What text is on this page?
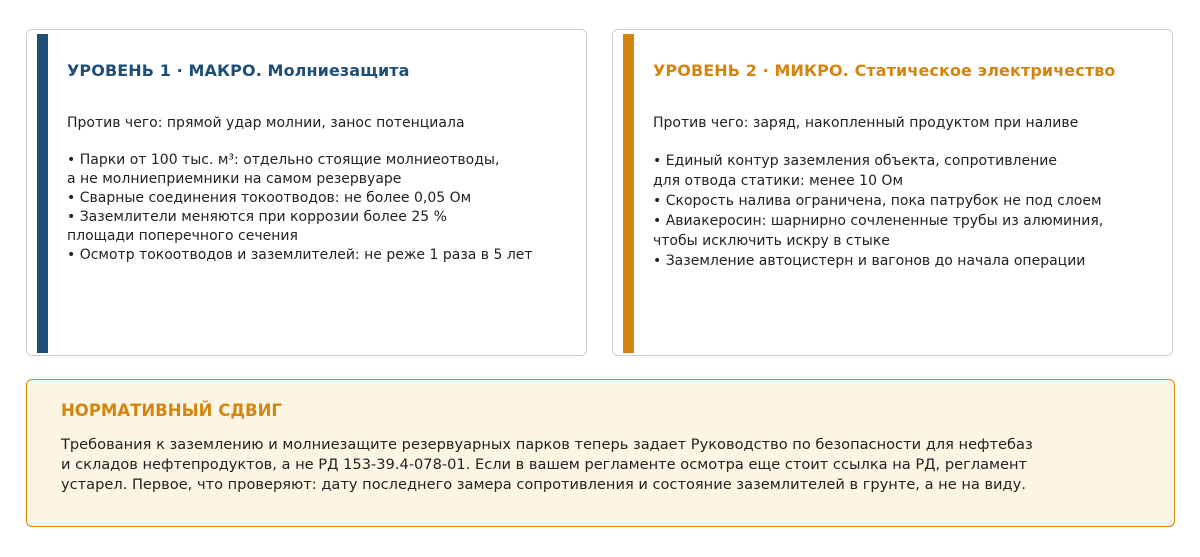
УРОВЕНЬ 1 · МАКРО. Молниезащита
Против чего: прямой удар молнии, занос потенциала
• Парки от 100 тыс. м³: отдельно стоящие молниеотводы,
а не молниеприемники на самом резервуаре
• Сварные соединения токоотводов: не более 0,05 Ом
• Заземлители меняются при коррозии более 25 %
площади поперечного сечения
• Осмотр токоотводов и заземлителей: не реже 1 раза в 5 лет
УРОВЕНЬ 2 · МИКРО. Статическое электричество
Против чего: заряд, накопленный продуктом при наливе
• Единый контур заземления объекта, сопротивление
для отвода статики: менее 10 Ом
• Скорость налива ограничена, пока патрубок не под слоем
• Авиакеросин: шарнирно сочлененные трубы из алюминия,
чтобы исключить искру в стыке
• Заземление автоцистерн и вагонов до начала операции
НОРМАТИВНЫЙ СДВИГ
Требования к заземлению и молниезащите резервуарных парков теперь задает Руководство по безопасности для нефтебаз
и складов нефтепродуктов, а не РД 153-39.4-078-01. Если в вашем регламенте осмотра еще стоит ссылка на РД, регламент
устарел. Первое, что проверяют: дату последнего замера сопротивления и состояние заземлителей в грунте, а не на виду.
